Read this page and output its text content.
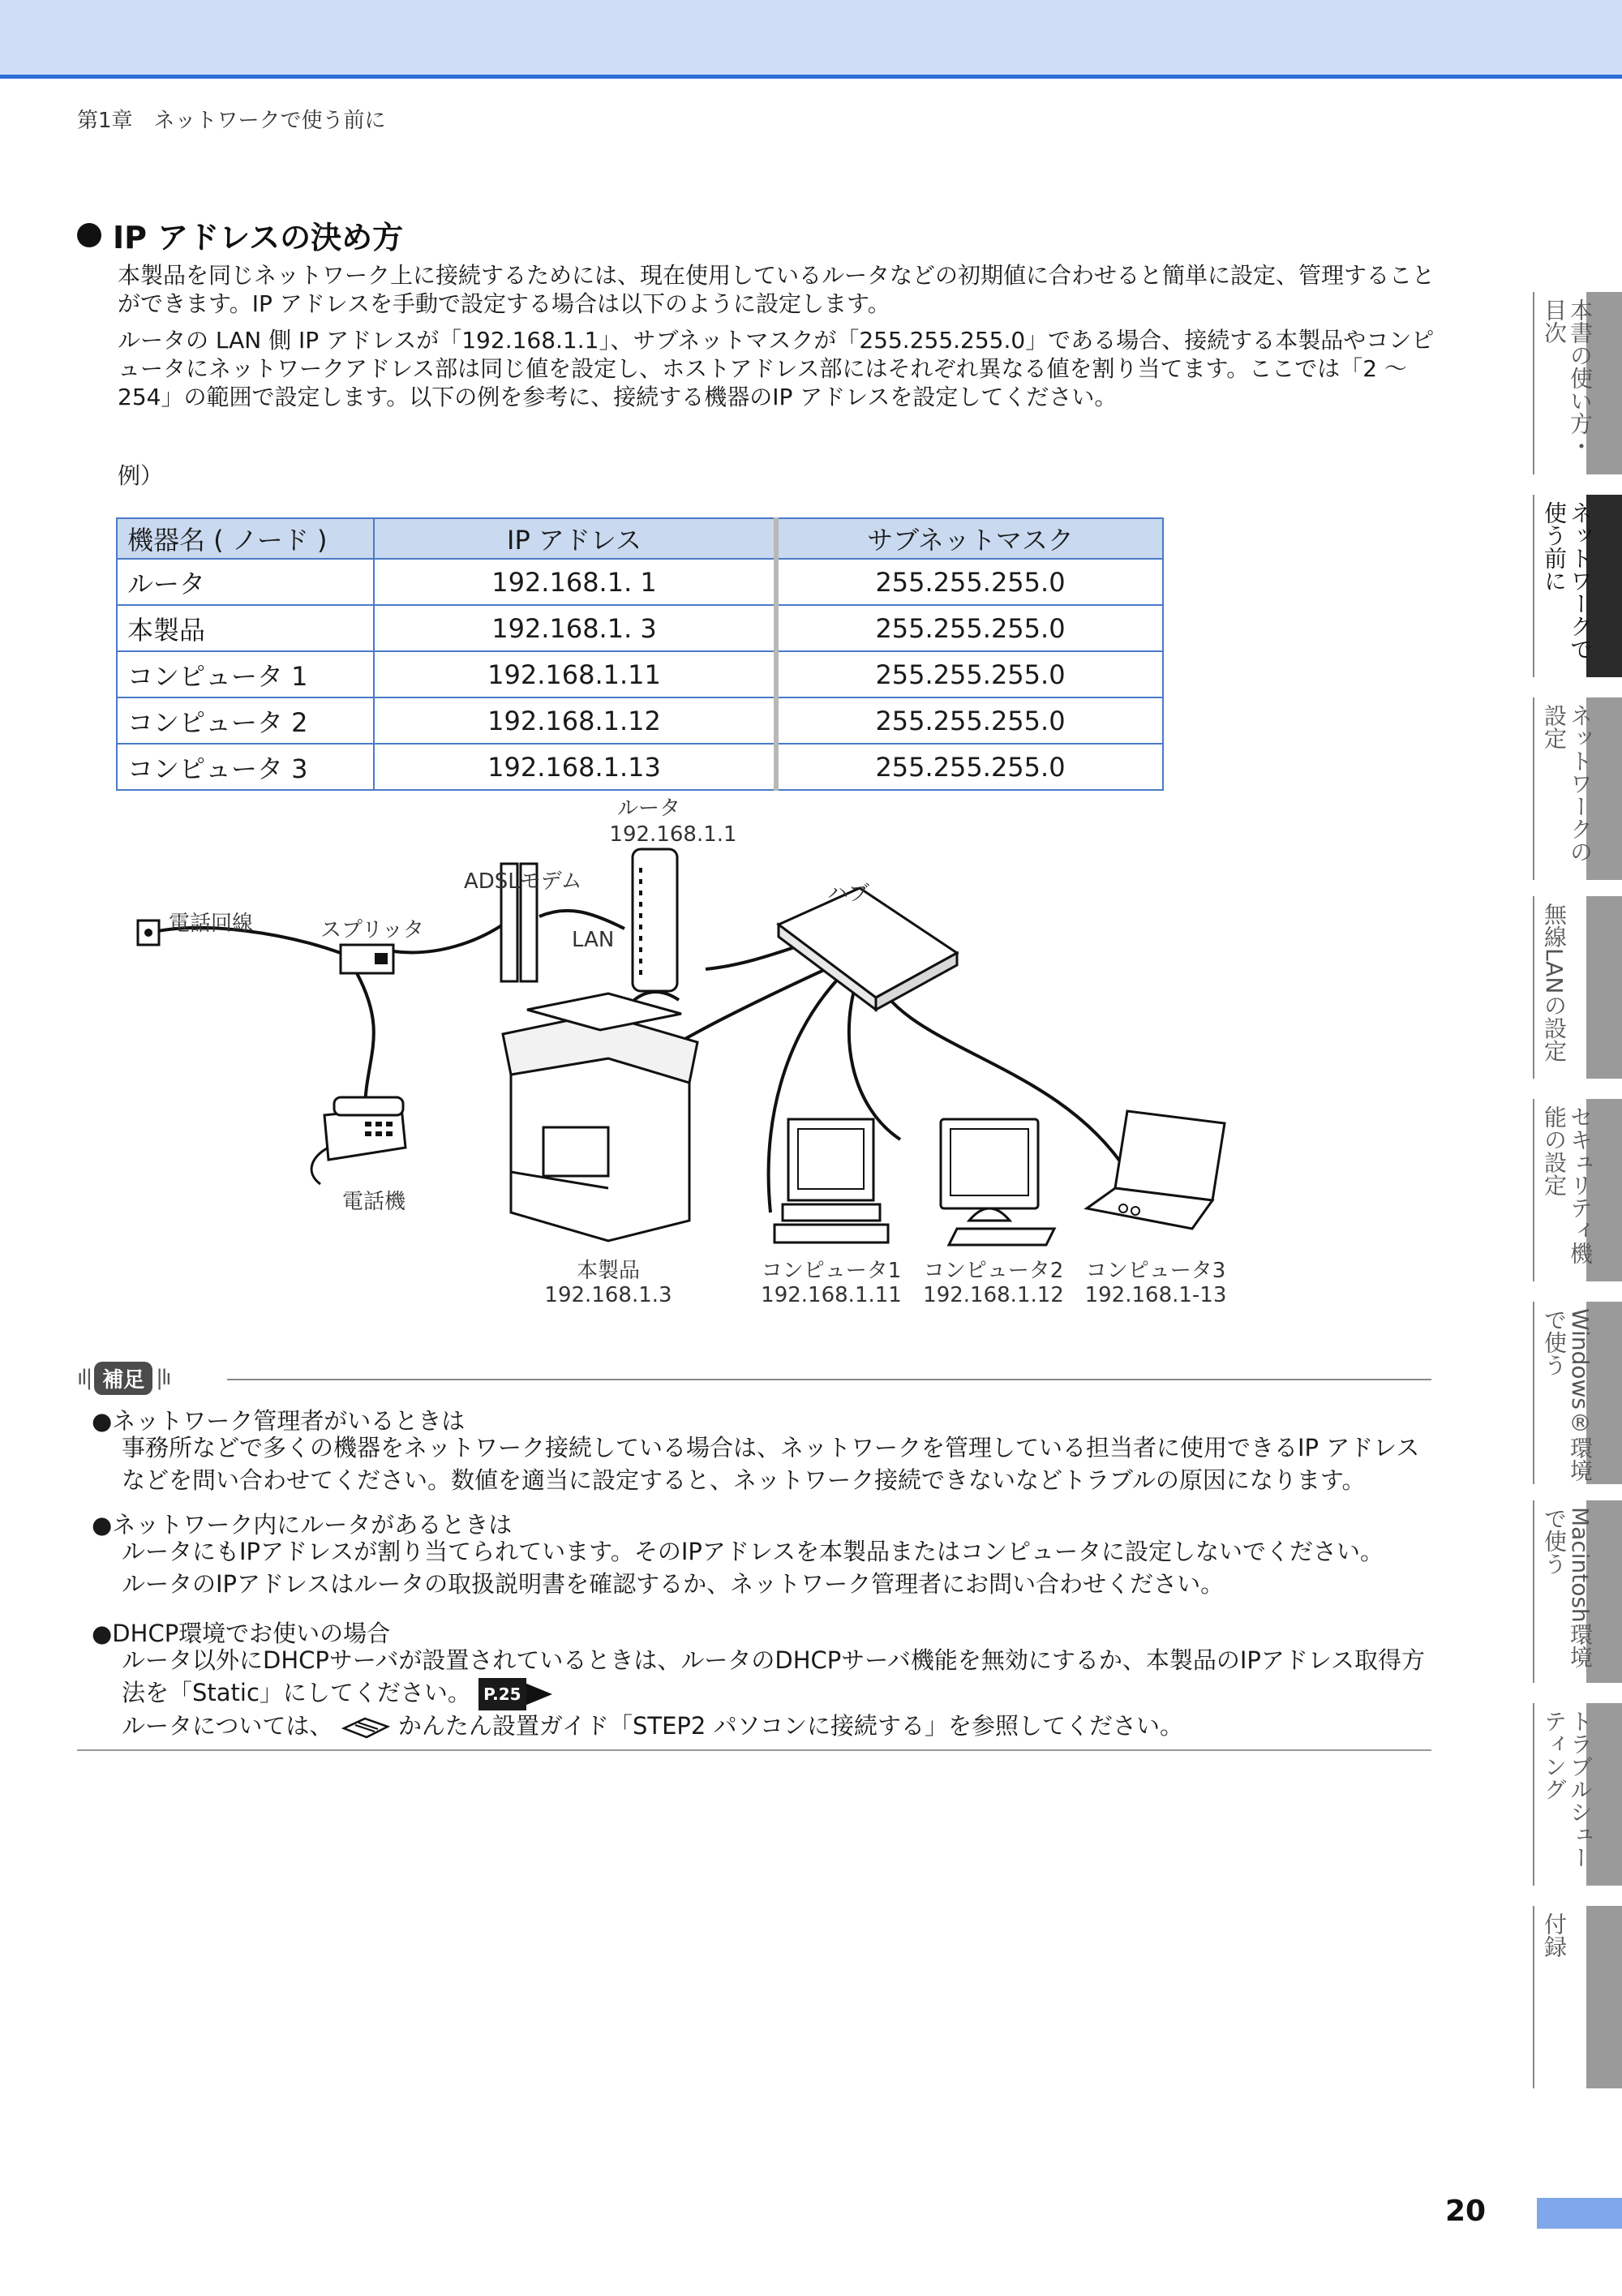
第1章　ネットワークで使う前に
IP アドレスの決め方
本製品を同じネットワーク上に接続するためには、現在使用しているルータなどの初期値に合わせると簡単に設定、管理することができます。IP アドレスを手動で設定する場合は以下のように設定します。
ルータの LAN 側 IP アドレスが「192.168.1.1」、サブネットマスクが「255.255.255.0」である場合、接続する本製品やコンピュータにネットワークアドレス部は同じ値を設定し、ホストアドレス部にはそれぞれ異なる値を割り当てます。ここでは「2 ～254」の範囲で設定します。以下の例を参考に、接続する機器のIP アドレスを設定してください。
例）
機器名 ( ノード )	IP アドレス	サブネットマスク
ルータ	192.168.1. 1	255.255.255.0
本製品	192.168.1. 3	255.255.255.0
コンピュータ 1	192.168.1.11	255.255.255.0
コンピュータ 2	192.168.1.12	255.255.255.0
コンピュータ 3	192.168.1.13	255.255.255.0
電話回線	スプリッタ
ADSLモデム
LAN
ルータ
192.168.1.1
ハブ
電話機
本製品
192.168.1.3
コンピュータ1
192.168.1.11
コンピュータ2
192.168.1.12
コンピュータ3
192.168.1-13
ıl| 補足 |lı
●ネットワーク管理者がいるときは
事務所などで多くの機器をネットワーク接続している場合は、ネットワークを管理している担当者に使用できるIP アドレスなどを問い合わせてください。数値を適当に設定すると、ネットワーク接続できないなどトラブルの原因になります。
●ネットワーク内にルータがあるときは
ルータにもIPアドレスが割り当てられています。そのIPアドレスを本製品またはコンピュータに設定しないでください。
ルータのIPアドレスはルータの取扱説明書を確認するか、ネットワーク管理者にお問い合わせください。
●DHCP環境でお使いの場合
ルータ以外にDHCPサーバが設置されているときは、ルータのDHCPサーバ機能を無効にするか、本製品のIPアドレス取得方法を「Static」にしてください。 P.25
ルータについては、	かんたん設置ガイド「STEP2 パソコンに接続する」を参照してください。
本書の使い方・目次
ネットワークで使う前に
ネットワークの設定
無線LANの設定
セキュリティ機能の設定
Windows®環境で使う
Macintosh環境で使う
トラブルシューティング
付録
20
